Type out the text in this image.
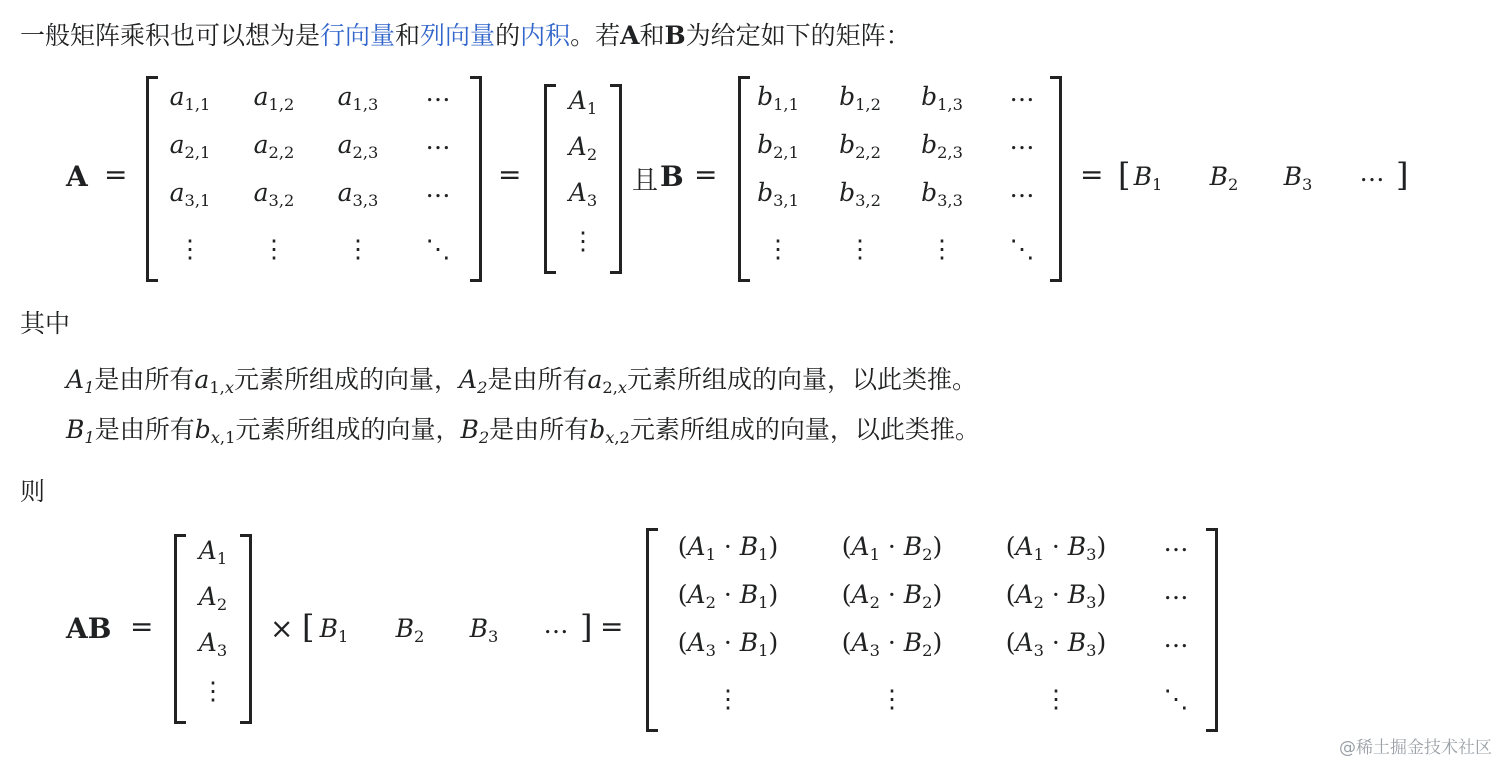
一般矩阵乘积也可以想为是行向量和列向量的内积。若A和B为给定如下的矩阵：
A =
$a_{1,1}$ $a_{1,2}$ $a_{1,3}$ …
$a_{2,1}$ $a_{2,2}$ $a_{2,3}$ …
$a_{3,1}$ $a_{3,2}$ $a_{3,3}$ …
⋮ ⋮ ⋮ ⋱
=
$A_1$
$A_2$
$A_3$
⋮
且 B =
$b_{1,1}$ $b_{1,2}$ $b_{1,3}$ …
$b_{2,1}$ $b_{2,2}$ $b_{2,3}$ …
$b_{3,1}$ $b_{3,2}$ $b_{3,3}$ …
⋮ ⋮ ⋮ ⋱
= [ $B_1$ $B_2$ $B_3$ … ]
其中
$A_1$是由所有$a_{1,x}$元素所组成的向量，$A_2$是由所有$a_{2,x}$元素所组成的向量，以此类推。
$B_1$是由所有$b_{x,1}$元素所组成的向量，$B_2$是由所有$b_{x,2}$元素所组成的向量，以此类推。
则
AB =
$A_1$
$A_2$
$A_3$
⋮
× [ $B_1$ $B_2$ $B_3$ … ] =
$(A_1 \cdot B_1)$	$(A_1 \cdot B_2)$	$(A_1 \cdot B_3)$ …
$(A_2 \cdot B_1)$	$(A_2 \cdot B_2)$	$(A_2 \cdot B_3)$ …
$(A_3 \cdot B_1)$	$(A_3 \cdot B_2)$	$(A_3 \cdot B_3)$ …
⋮	⋮	⋮	⋱
@稀土掘金技术社区
